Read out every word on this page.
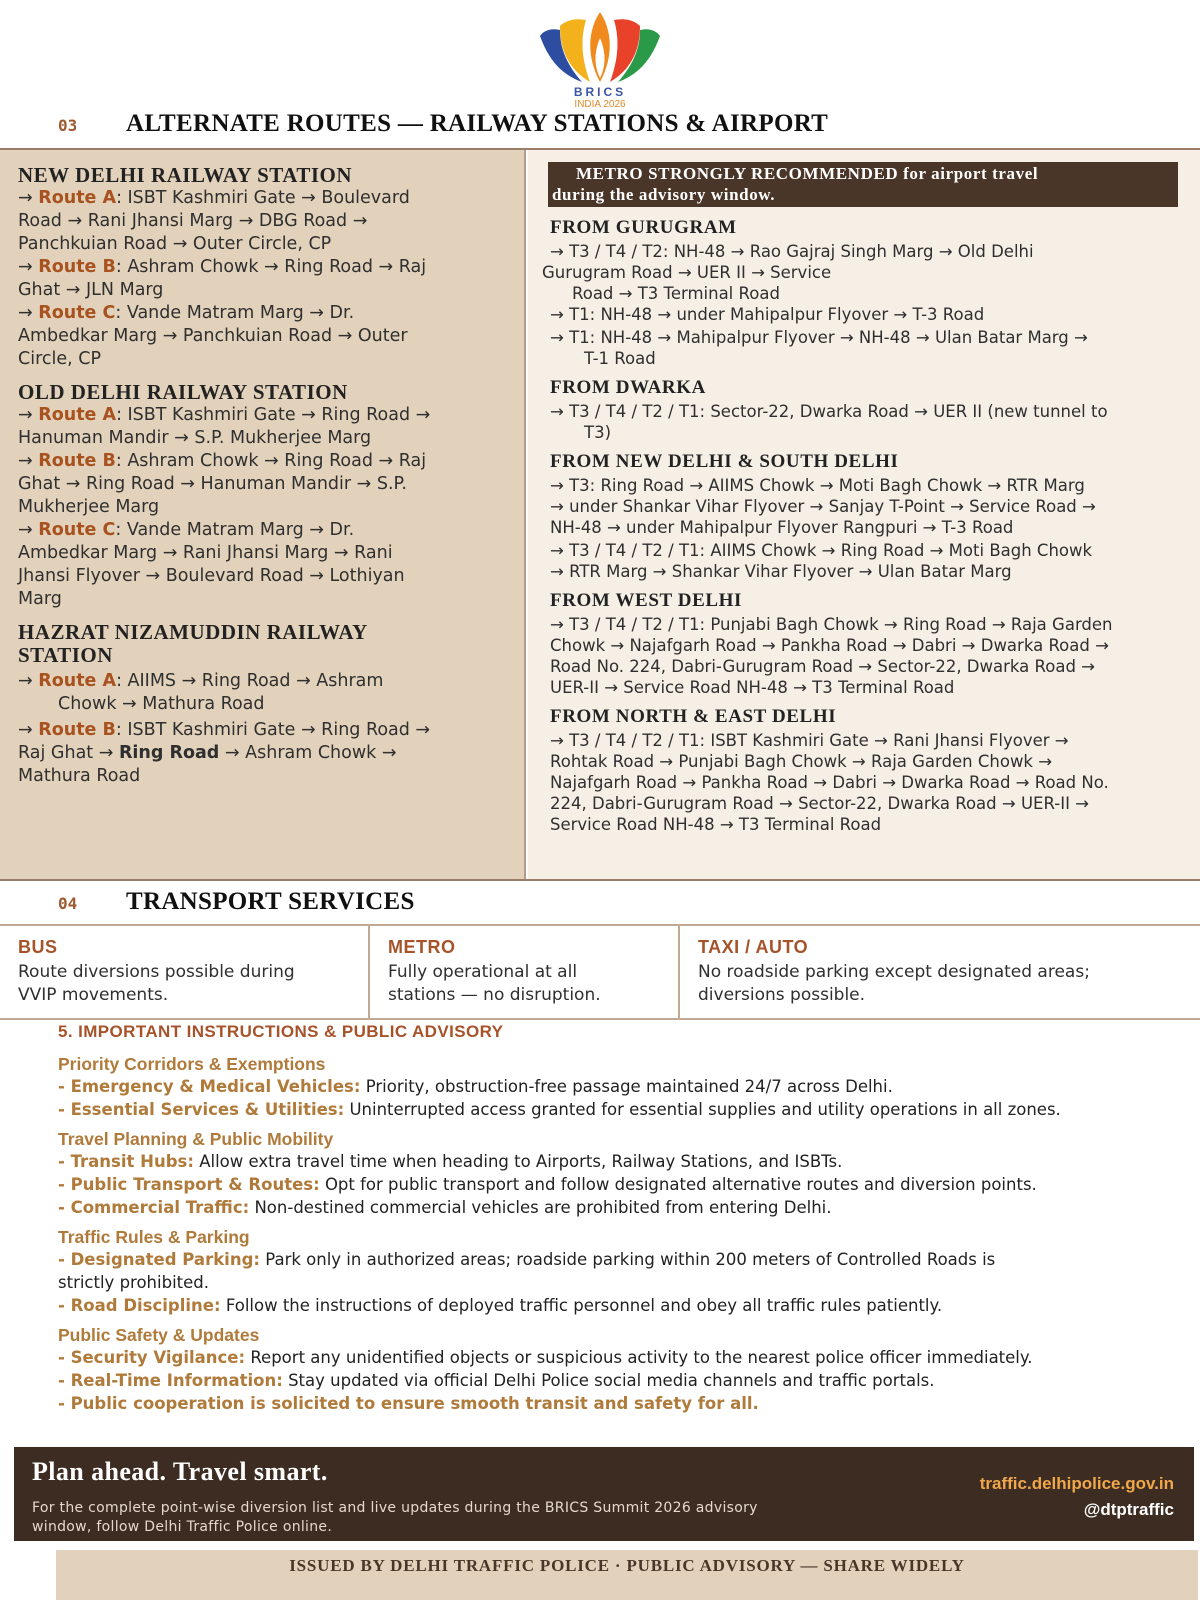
BRICS
INDIA 2026
03	ALTERNATE ROUTES — RAILWAY STATIONS & AIRPORT
NEW DELHI RAILWAY STATION
→ Route A: ISBT Kashmiri Gate → Boulevard
Road → Rani Jhansi Marg → DBG Road →
Panchkuian Road → Outer Circle, CP
→ Route B: Ashram Chowk → Ring Road → Raj
Ghat → JLN Marg
→ Route C: Vande Matram Marg → Dr.
Ambedkar Marg → Panchkuian Road → Outer
Circle, CP
OLD DELHI RAILWAY STATION
→ Route A: ISBT Kashmiri Gate → Ring Road →
Hanuman Mandir → S.P. Mukherjee Marg
→ Route B: Ashram Chowk → Ring Road → Raj
Ghat → Ring Road → Hanuman Mandir → S.P.
Mukherjee Marg
→ Route C: Vande Matram Marg → Dr.
Ambedkar Marg → Rani Jhansi Marg → Rani
Jhansi Flyover → Boulevard Road → Lothiyan
Marg
HAZRAT NIZAMUDDIN RAILWAY
STATION
→ Route A: AIIMS → Ring Road → Ashram
Chowk → Mathura Road
→ Route B: ISBT Kashmiri Gate → Ring Road →
Raj Ghat → Ring Road → Ashram Chowk →
Mathura Road
METRO STRONGLY RECOMMENDED for airport travel
during the advisory window.
FROM GURUGRAM
→ T3 / T4 / T2: NH-48 → Rao Gajraj Singh Marg → Old Delhi
Gurugram Road → UER II → Service
Road → T3 Terminal Road
→ T1: NH-48 → under Mahipalpur Flyover → T-3 Road
→ T1: NH-48 → Mahipalpur Flyover → NH-48 → Ulan Batar Marg →
T-1 Road
FROM DWARKA
→ T3 / T4 / T2 / T1: Sector-22, Dwarka Road → UER II (new tunnel to
T3)
FROM NEW DELHI & SOUTH DELHI
→ T3: Ring Road → AIIMS Chowk → Moti Bagh Chowk → RTR Marg
→ under Shankar Vihar Flyover → Sanjay T-Point → Service Road →
NH-48 → under Mahipalpur Flyover Rangpuri → T-3 Road
→ T3 / T4 / T2 / T1: AIIMS Chowk → Ring Road → Moti Bagh Chowk
→ RTR Marg → Shankar Vihar Flyover → Ulan Batar Marg
FROM WEST DELHI
→ T3 / T4 / T2 / T1: Punjabi Bagh Chowk → Ring Road → Raja Garden
Chowk → Najafgarh Road → Pankha Road → Dabri → Dwarka Road →
Road No. 224, Dabri-Gurugram Road → Sector-22, Dwarka Road →
UER-II → Service Road NH-48 → T3 Terminal Road
FROM NORTH & EAST DELHI
→ T3 / T4 / T2 / T1: ISBT Kashmiri Gate → Rani Jhansi Flyover →
Rohtak Road → Punjabi Bagh Chowk → Raja Garden Chowk →
Najafgarh Road → Pankha Road → Dabri → Dwarka Road → Road No.
224, Dabri-Gurugram Road → Sector-22, Dwarka Road → UER-II →
Service Road NH-48 → T3 Terminal Road
04	TRANSPORT SERVICES
BUS
Route diversions possible during
VVIP movements.
METRO
Fully operational at all
stations — no disruption.
TAXI / AUTO
No roadside parking except designated areas;
diversions possible.
5. IMPORTANT INSTRUCTIONS & PUBLIC ADVISORY
Priority Corridors & Exemptions
- Emergency & Medical Vehicles: Priority, obstruction-free passage maintained 24/7 across Delhi.
- Essential Services & Utilities: Uninterrupted access granted for essential supplies and utility operations in all zones.
Travel Planning & Public Mobility
- Transit Hubs: Allow extra travel time when heading to Airports, Railway Stations, and ISBTs.
- Public Transport & Routes: Opt for public transport and follow designated alternative routes and diversion points.
- Commercial Traffic: Non-destined commercial vehicles are prohibited from entering Delhi.
Traffic Rules & Parking
- Designated Parking: Park only in authorized areas; roadside parking within 200 meters of Controlled Roads is
strictly prohibited.
- Road Discipline: Follow the instructions of deployed traffic personnel and obey all traffic rules patiently.
Public Safety & Updates
- Security Vigilance: Report any unidentified objects or suspicious activity to the nearest police officer immediately.
- Real-Time Information: Stay updated via official Delhi Police social media channels and traffic portals.
- Public cooperation is solicited to ensure smooth transit and safety for all.
Plan ahead. Travel smart.
For the complete point-wise diversion list and live updates during the BRICS Summit 2026 advisory window, follow Delhi Traffic Police online.
traffic.delhipolice.gov.in
@dtptraffic
ISSUED BY DELHI TRAFFIC POLICE · PUBLIC ADVISORY — SHARE WIDELY
